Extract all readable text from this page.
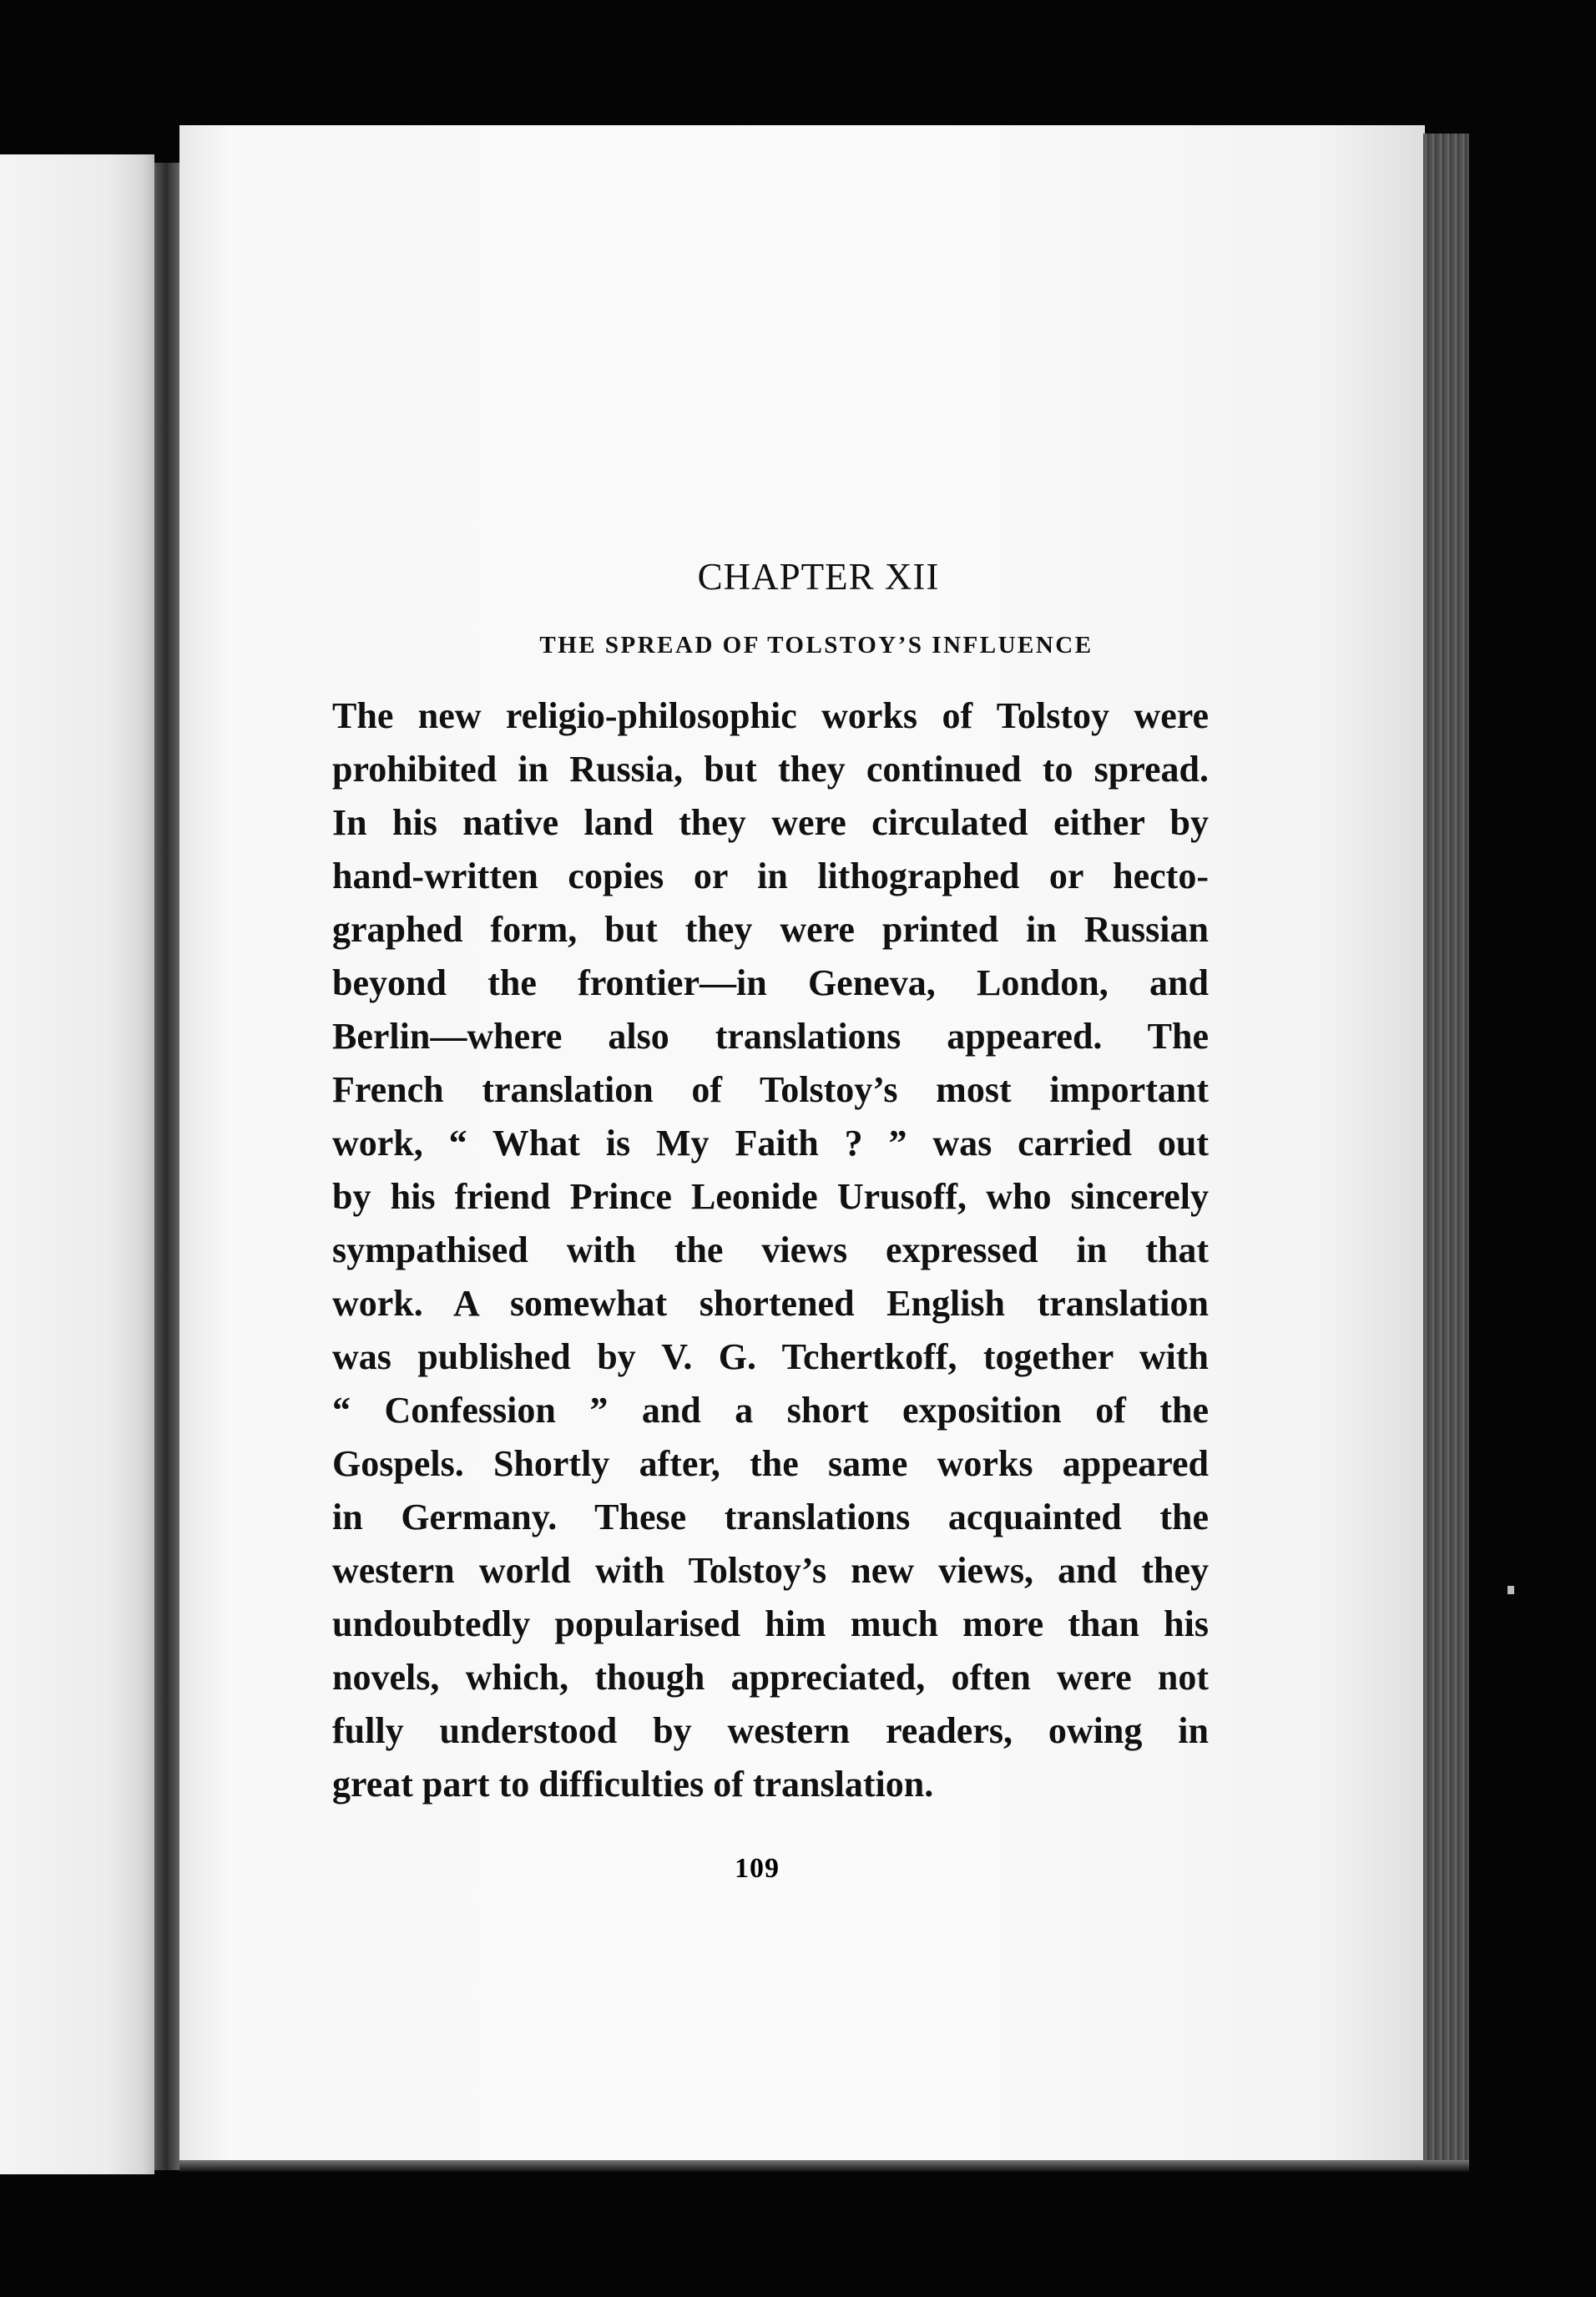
CHAPTER XII
THE SPREAD OF TOLSTOY’S INFLUENCE
The new religio-philosophic works of Tolstoy were
prohibited in Russia, but they continued to spread.
In his native land they were circulated either by
hand-written copies or in lithographed or hecto-
graphed form, but they were printed in Russian
beyond the frontier—in Geneva, London, and
Berlin—where also translations appeared. The
French translation of Tolstoy’s most important
work, “ What is My Faith ? ” was carried out
by his friend Prince Leonide Urusoff, who sincerely
sympathised with the views expressed in that
work. A somewhat shortened English translation
was published by V. G. Tchertkoff, together with
“ Confession ” and a short exposition of the
Gospels. Shortly after, the same works appeared
in Germany. These translations acquainted the
western world with Tolstoy’s new views, and they
undoubtedly popularised him much more than his
novels, which, though appreciated, often were not
fully understood by western readers, owing in
great part to difficulties of translation.
109
